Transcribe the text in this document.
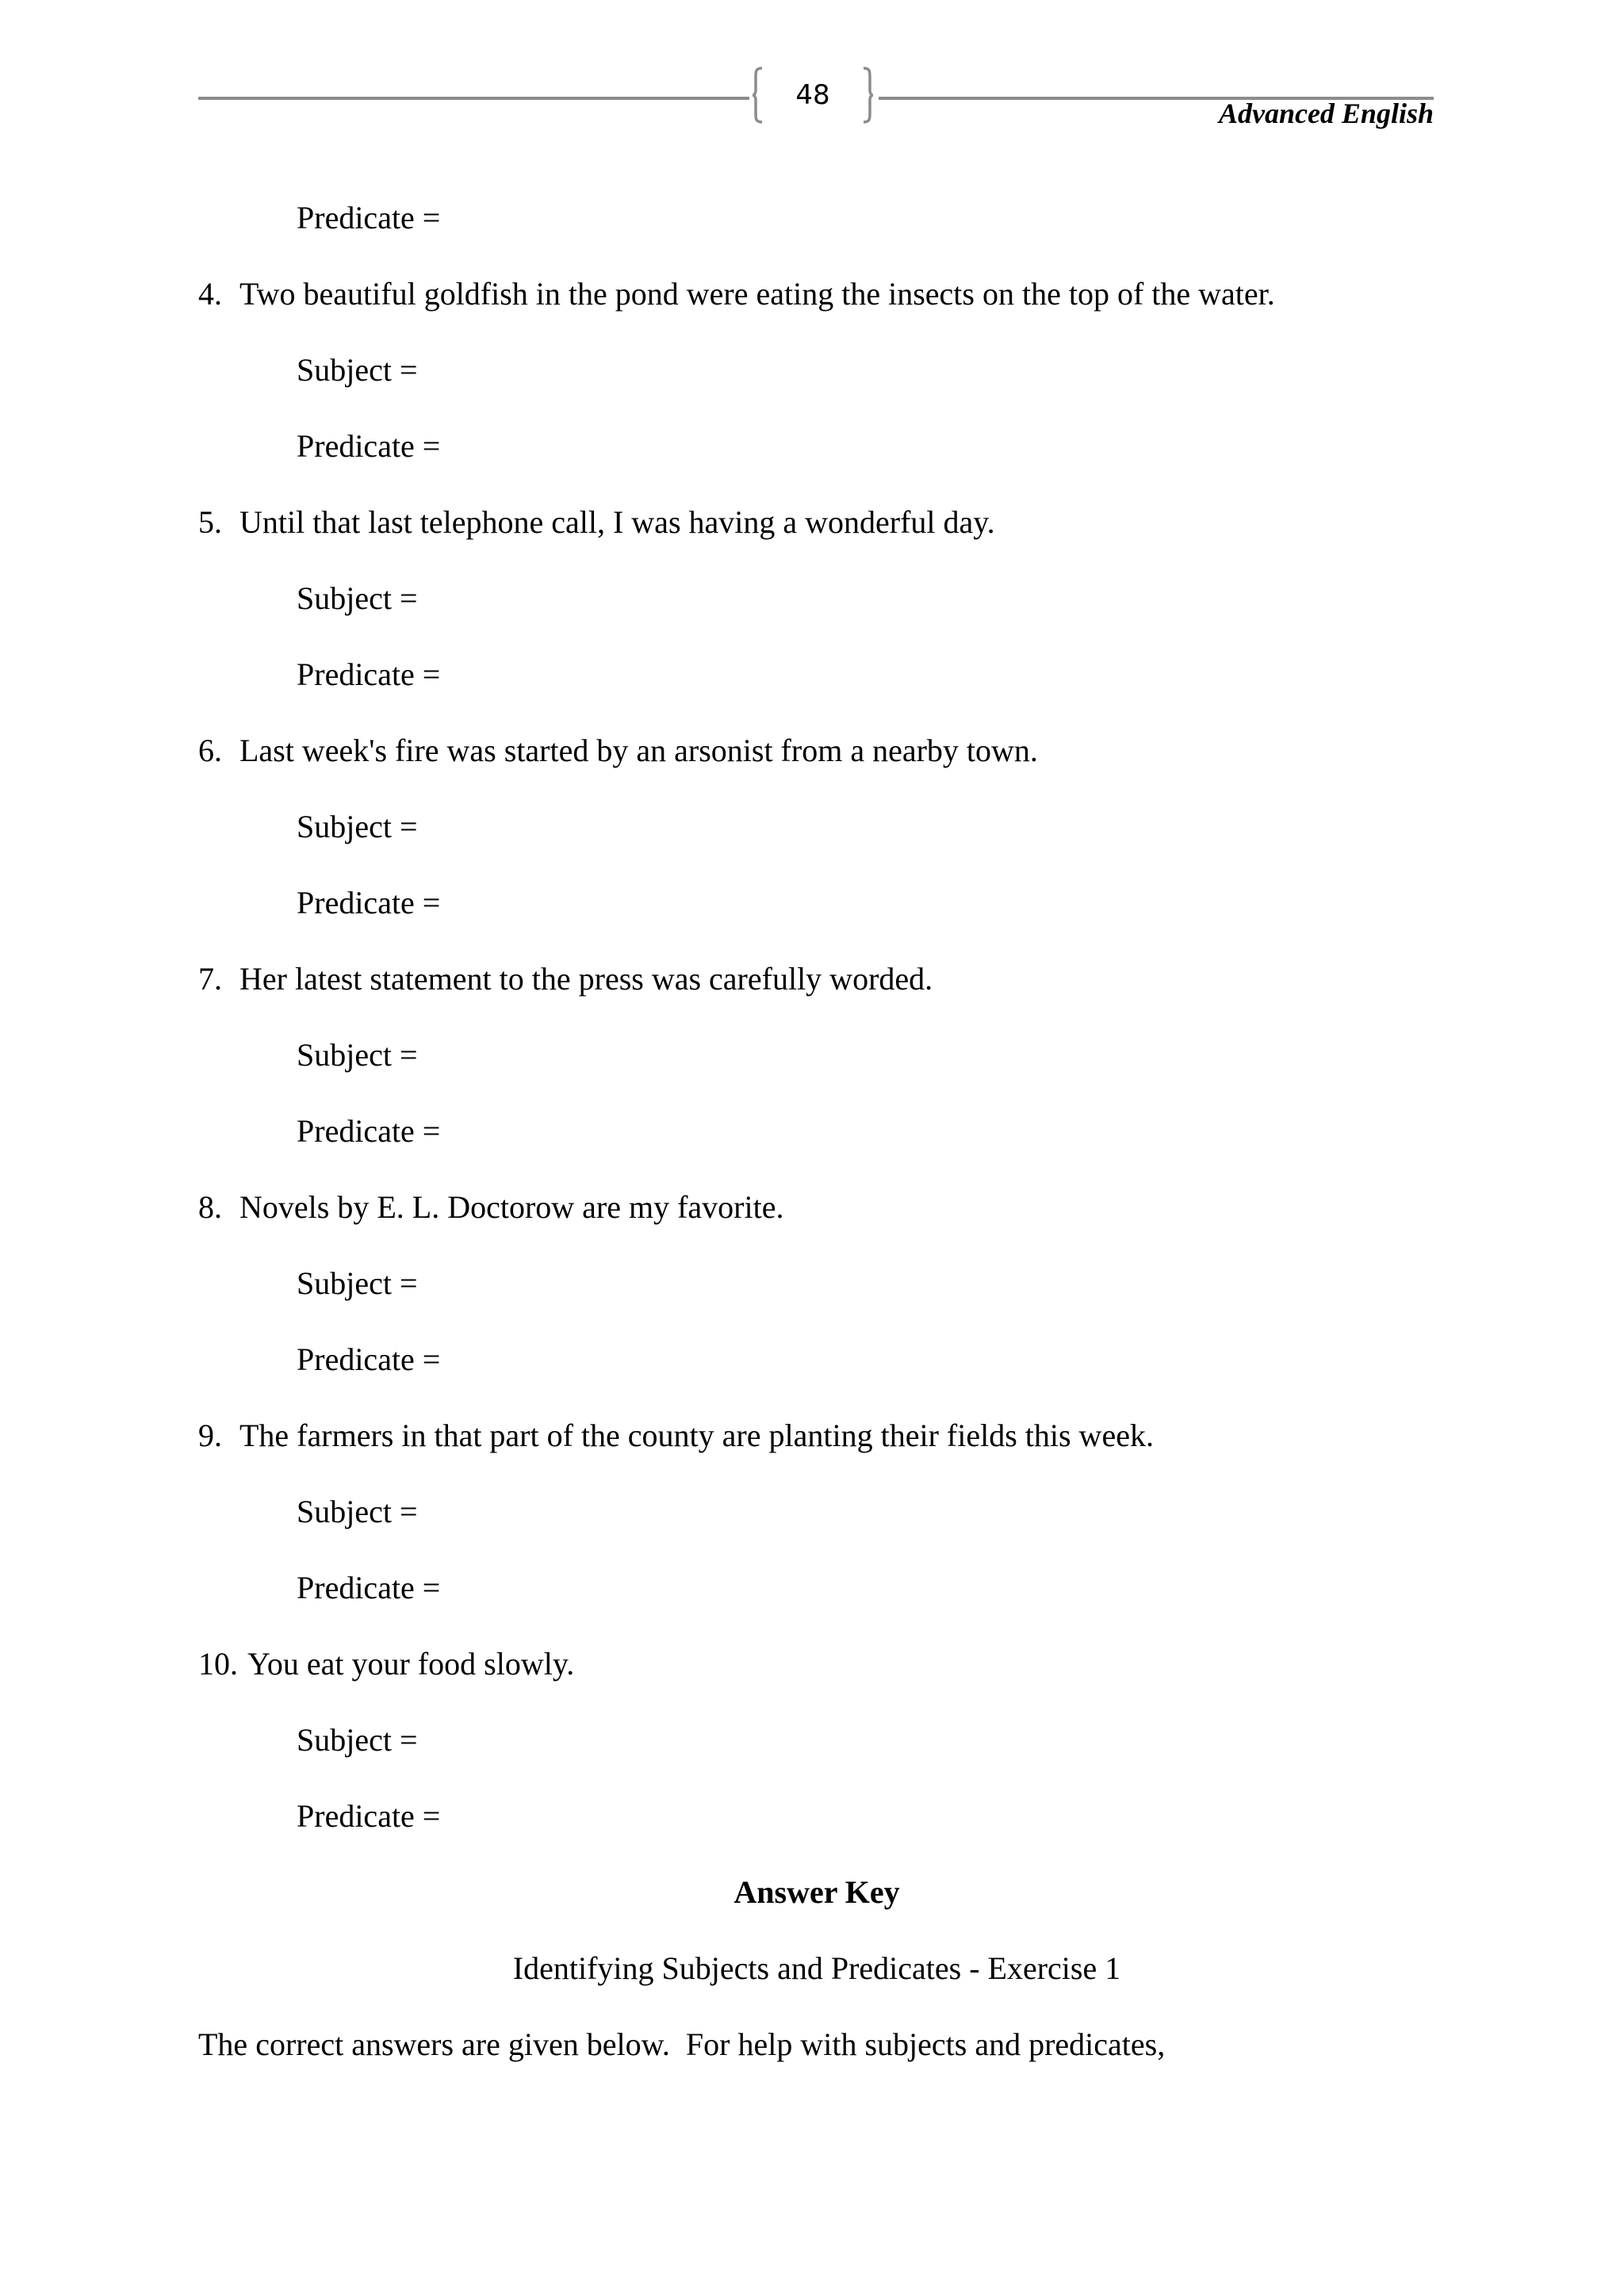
48
Advanced English
Predicate =
4. Two beautiful goldfish in the pond were eating the insects on the top of the water.
Subject =
Predicate =
5. Until that last telephone call, I was having a wonderful day.
Subject =
Predicate =
6. Last week's fire was started by an arsonist from a nearby town.
Subject =
Predicate =
7. Her latest statement to the press was carefully worded.
Subject =
Predicate =
8. Novels by E. L. Doctorow are my favorite.
Subject =
Predicate =
9. The farmers in that part of the county are planting their fields this week.
Subject =
Predicate =
10. You eat your food slowly.
Subject =
Predicate =
Answer Key
Identifying Subjects and Predicates - Exercise 1
The correct answers are given below.  For help with subjects and predicates,
